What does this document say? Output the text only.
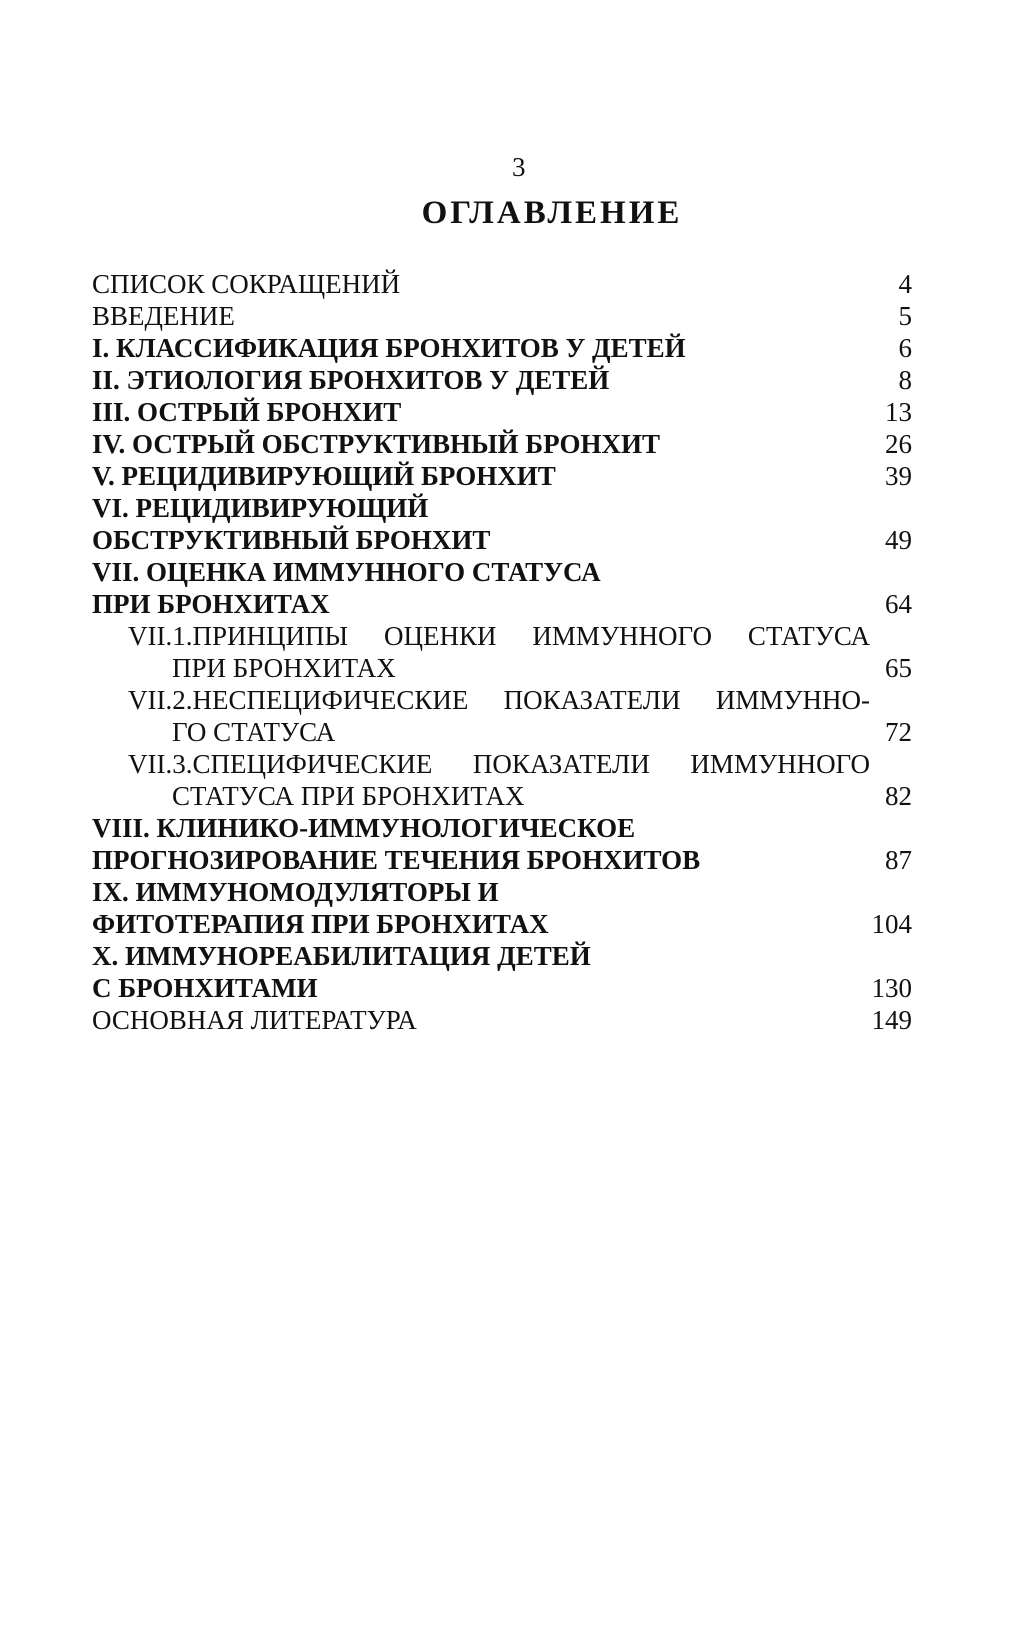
3
ОГЛАВЛЕНИЕ
СПИСОК СОКРАЩЕНИЙ	4
ВВЕДЕНИЕ	5
I. КЛАССИФИКАЦИЯ БРОНХИТОВ У ДЕТЕЙ	6
II. ЭТИОЛОГИЯ БРОНХИТОВ У ДЕТЕЙ	8
III. ОСТРЫЙ БРОНХИТ	13
IV. ОСТРЫЙ ОБСТРУКТИВНЫЙ БРОНХИТ	26
V. РЕЦИДИВИРУЮЩИЙ БРОНХИТ	39
VI. РЕЦИДИВИРУЮЩИЙ
ОБСТРУКТИВНЫЙ БРОНХИТ	49
VII. ОЦЕНКА ИММУННОГО СТАТУСА
ПРИ БРОНХИТАХ	64
VII.1.ПРИНЦИПЫ ОЦЕНКИ ИММУННОГО СТАТУСА
ПРИ БРОНХИТАХ	65
VII.2.НЕСПЕЦИФИЧЕСКИЕ ПОКАЗАТЕЛИ ИММУННО-
ГО СТАТУСА	72
VII.3.СПЕЦИФИЧЕСКИЕ ПОКАЗАТЕЛИ ИММУННОГО
СТАТУСА ПРИ БРОНХИТАХ	82
VIII. КЛИНИКО-ИММУНОЛОГИЧЕСКОЕ
ПРОГНОЗИРОВАНИЕ ТЕЧЕНИЯ БРОНХИТОВ	87
IX. ИММУНОМОДУЛЯТОРЫ И
ФИТОТЕРАПИЯ ПРИ БРОНХИТАХ	104
X. ИММУНОРЕАБИЛИТАЦИЯ ДЕТЕЙ
С БРОНХИТАМИ	130
ОСНОВНАЯ ЛИТЕРАТУРА	149
